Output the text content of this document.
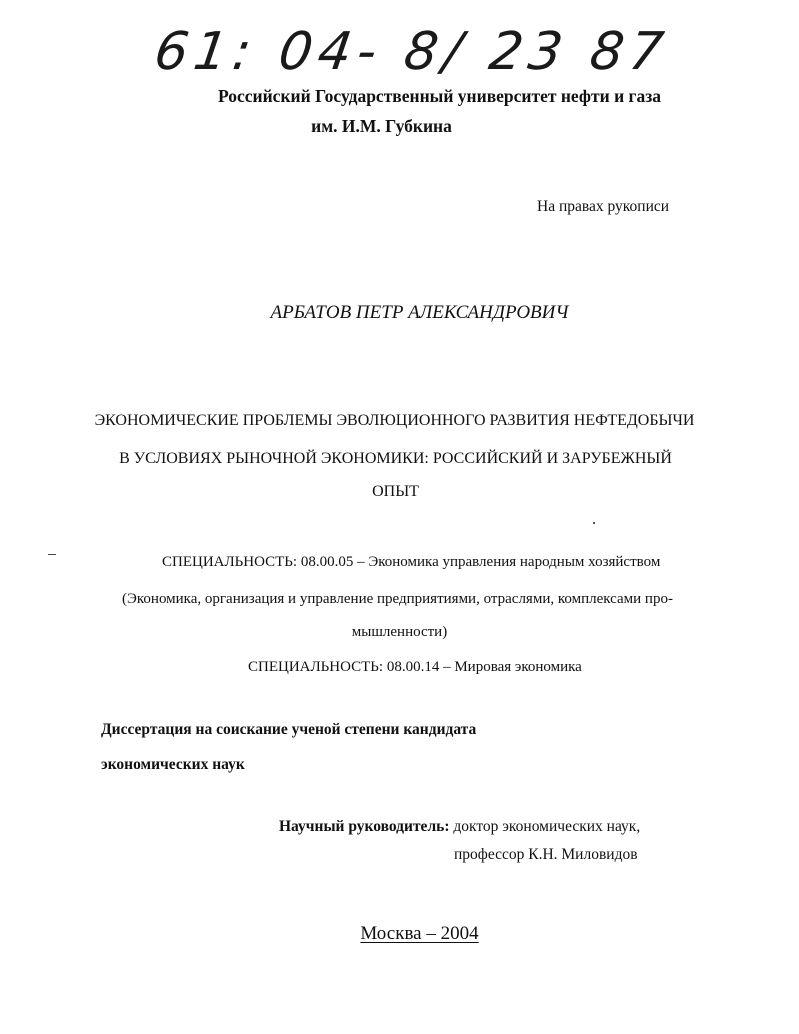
61: 04- 8/ 23 87
Российский Государственный университет нефти и газа
им. И.М. Губкина
На правах рукописи
АРБАТОВ ПЕТР АЛЕКСАНДРОВИЧ
ЭКОНОМИЧЕСКИЕ ПРОБЛЕМЫ ЭВОЛЮЦИОННОГО РАЗВИТИЯ НЕФТЕДОБЫЧИ
В УСЛОВИЯХ РЫНОЧНОЙ ЭКОНОМИКИ: РОССИЙСКИЙ И ЗАРУБЕЖНЫЙ
ОПЫТ
СПЕЦИАЛЬНОСТЬ: 08.00.05 – Экономика управления народным хозяйством
(Экономика, организация и управление предприятиями, отраслями, комплексами про-
мышленности)
СПЕЦИАЛЬНОСТЬ: 08.00.14 – Мировая экономика
Диссертация на соискание ученой степени кандидата
экономических наук
Научный руководитель: доктор экономических наук,
профессор К.Н. Миловидов
Москва – 2004
